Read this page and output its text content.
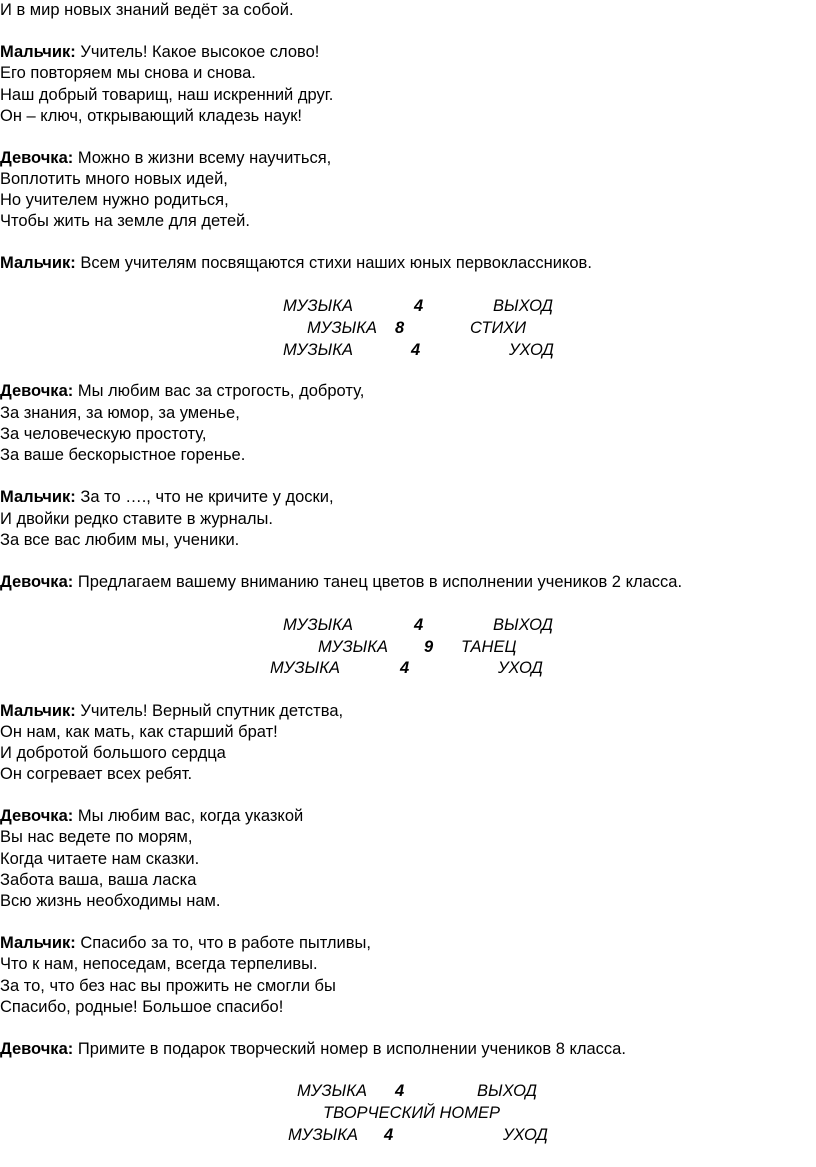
И в мир новых знаний ведёт за собой.
Мальчик: Учитель! Какое высокое слово!
Его повторяем мы снова и снова.
Наш добрый товарищ, наш искренний друг.
Он – ключ, открывающий кладезь наук!
Девочка: Можно в жизни всему научиться,
Воплотить много новых идей,
Но учителем нужно родиться,
Чтобы жить на земле для детей.
Мальчик: Всем учителям посвящаются стихи наших юных первоклассников.
МУЗЫКА	4	ВЫХОД
МУЗЫКА 8	СТИХИ
МУЗЫКА	4	УХОД
Девочка: Мы любим вас за строгость, доброту,
За знания, за юмор, за уменье,
За человеческую простоту,
За ваше бескорыстное горенье.
Мальчик: За то …., что не кричите у доски,
И двойки редко ставите в журналы.
За все вас любим мы, ученики.
Девочка: Предлагаем вашему вниманию танец цветов в исполнении учеников 2 класса.
МУЗЫКА	4	ВЫХОД
МУЗЫКА 9 ТАНЕЦ
МУЗЫКА	4	УХОД
Мальчик: Учитель! Верный спутник детства,
Он нам, как мать, как старший брат!
И добротой большого сердца
Он согревает всех ребят.
Девочка: Мы любим вас, когда указкой
Вы нас ведете по морям,
Когда читаете нам сказки.
Забота ваша, ваша ласка
Всю жизнь необходимы нам.
Мальчик: Спасибо за то, что в работе пытливы,
Что к нам, непоседам, всегда терпеливы.
За то, что без нас вы прожить не смогли бы
Спасибо, родные! Большое спасибо!
Девочка: Примите в подарок творческий номер в исполнении учеников 8 класса.
МУЗЫКА 4	ВЫХОД
ТВОРЧЕСКИЙ НОМЕР
МУЗЫКА 4	УХОД
